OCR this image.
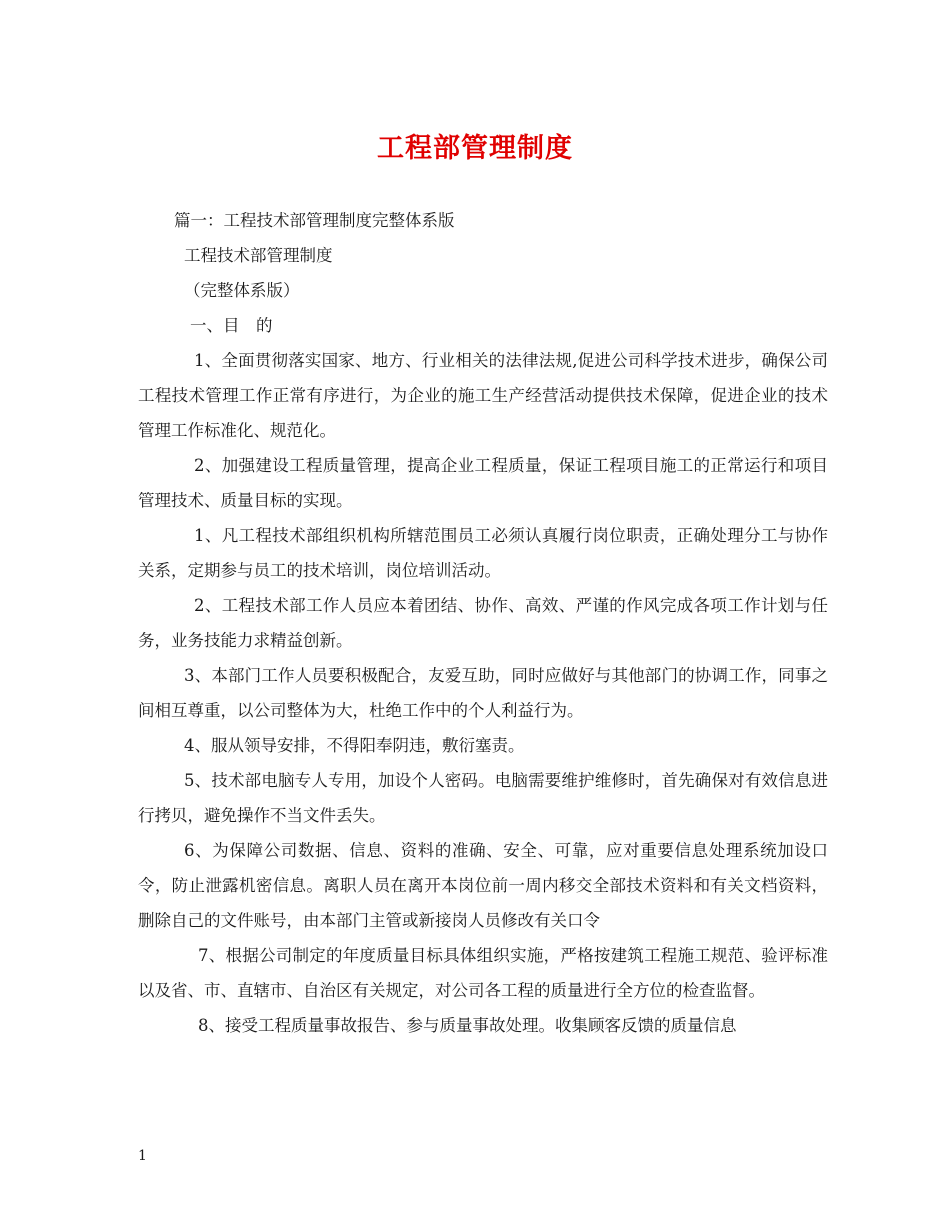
工程部管理制度

篇一：工程技术部管理制度完整体系版

工程技术部管理制度

（完整体系版）

一、目　的

1、全面贯彻落实国家、地方、行业相关的法律法规,促进公司科学技术进步，确保公司工程技术管理工作正常有序进行，为企业的施工生产经营活动提供技术保障，促进企业的技术管理工作标准化、规范化。

2、加强建设工程质量管理，提高企业工程质量，保证工程项目施工的正常运行和项目管理技术、质量目标的实现。

1、凡工程技术部组织机构所辖范围员工必须认真履行岗位职责，正确处理分工与协作关系，定期参与员工的技术培训，岗位培训活动。

2、工程技术部工作人员应本着团结、协作、高效、严谨的作风完成各项工作计划与任务，业务技能力求精益创新。

3、本部门工作人员要积极配合，友爱互助，同时应做好与其他部门的协调工作，同事之间相互尊重，以公司整体为大，杜绝工作中的个人利益行为。

4、服从领导安排，不得阳奉阴违，敷衍塞责。

5、技术部电脑专人专用，加设个人密码。电脑需要维护维修时，首先确保对有效信息进行拷贝，避免操作不当文件丢失。

6、为保障公司数据、信息、资料的准确、安全、可靠，应对重要信息处理系统加设口令，防止泄露机密信息。离职人员在离开本岗位前一周内移交全部技术资料和有关文档资料，删除自己的文件账号，由本部门主管或新接岗人员修改有关口令

7、根据公司制定的年度质量目标具体组织实施，严格按建筑工程施工规范、验评标准以及省、市、直辖市、自治区有关规定，对公司各工程的质量进行全方位的检查监督。

8、接受工程质量事故报告、参与质量事故处理。收集顾客反馈的质量信息

1
